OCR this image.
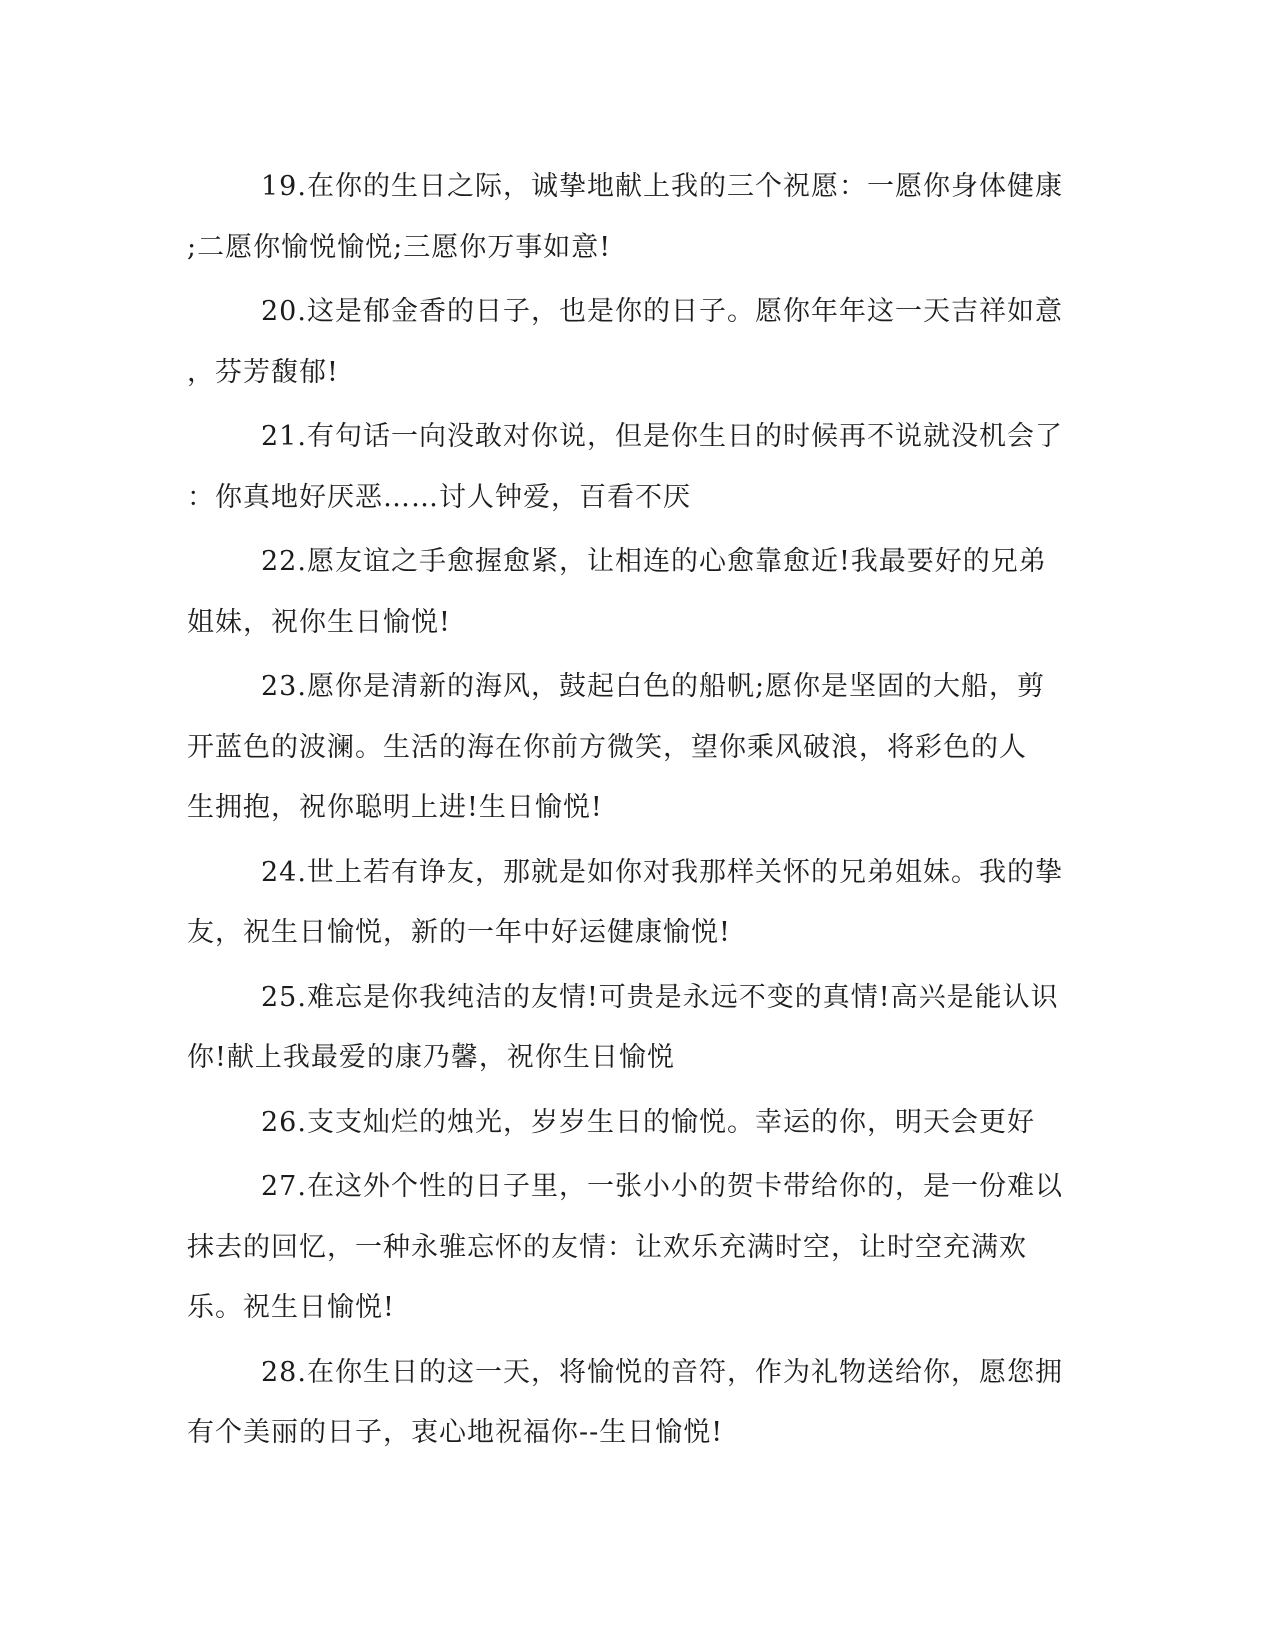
19.在你的生日之际，诚挚地献上我的三个祝愿：一愿你身体健康
;二愿你愉悦愉悦;三愿你万事如意!

20.这是郁金香的日子，也是你的日子。愿你年年这一天吉祥如意
，芬芳馥郁!

21.有句话一向没敢对你说，但是你生日的时候再不说就没机会了
：你真地好厌恶……讨人钟爱，百看不厌

22.愿友谊之手愈握愈紧，让相连的心愈靠愈近!我最要好的兄弟
姐妹，祝你生日愉悦!

23.愿你是清新的海风，鼓起白色的船帆;愿你是坚固的大船，剪
开蓝色的波澜。生活的海在你前方微笑，望你乘风破浪，将彩色的人
生拥抱，祝你聪明上进!生日愉悦!

24.世上若有诤友，那就是如你对我那样关怀的兄弟姐妹。我的挚
友，祝生日愉悦，新的一年中好运健康愉悦!

25.难忘是你我纯洁的友情!可贵是永远不变的真情!高兴是能认识
你!献上我最爱的康乃馨，祝你生日愉悦

26.支支灿烂的烛光，岁岁生日的愉悦。幸运的你，明天会更好

27.在这外个性的日子里，一张小小的贺卡带给你的，是一份难以
抹去的回忆，一种永骓忘怀的友情：让欢乐充满时空，让时空充满欢
乐。祝生日愉悦!

28.在你生日的这一天，将愉悦的音符，作为礼物送给你，愿您拥
有个美丽的日子，衷心地祝福你--生日愉悦!
